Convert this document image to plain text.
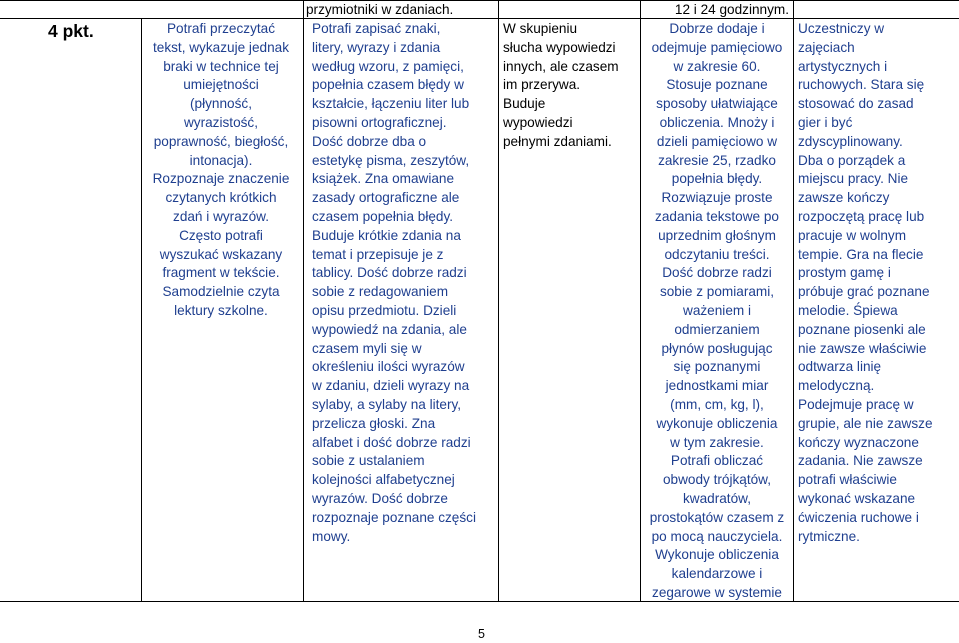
przymiotniki w zdaniach.	12 i 24 godzinnym.
4 pkt.	Potrafi przeczytać
tekst, wykazuje jednak
braki w technice tej
umiejętności
(płynność,
wyrazistość,
poprawność, biegłość,
intonacja).
Rozpoznaje znaczenie
czytanych krótkich
zdań i wyrazów.
Często potrafi
wyszukać wskazany
fragment w tekście.
Samodzielnie czyta
lektury szkolne.
Potrafi zapisać znaki,
litery, wyrazy i zdania
według wzoru, z pamięci,
popełnia czasem błędy w
kształcie, łączeniu liter lub
pisowni ortograficznej.
Dość dobrze dba o
estetykę pisma, zeszytów,
książek. Zna omawiane
zasady ortograficzne ale
czasem popełnia błędy.
Buduje krótkie zdania na
temat i przepisuje je z
tablicy. Dość dobrze radzi
sobie z redagowaniem
opisu przedmiotu. Dzieli
wypowiedź na zdania, ale
czasem myli się w
określeniu ilości wyrazów
w zdaniu, dzieli wyrazy na
sylaby, a sylaby na litery,
przelicza głoski. Zna
alfabet i dość dobrze radzi
sobie z ustalaniem
kolejności alfabetycznej
wyrazów. Dość dobrze
rozpoznaje poznane części
mowy.
W skupieniu
słucha wypowiedzi
innych, ale czasem
im przerywa.
Buduje
wypowiedzi
pełnymi zdaniami.
Dobrze dodaje i
odejmuje pamięciowo
w zakresie 60.
Stosuje poznane
sposoby ułatwiające
obliczenia. Mnoży i
dzieli pamięciowo w
zakresie 25, rzadko
popełnia błędy.
Rozwiązuje proste
zadania tekstowe po
uprzednim głośnym
odczytaniu treści.
Dość dobrze radzi
sobie z pomiarami,
ważeniem i
odmierzaniem
płynów posługując
się poznanymi
jednostkami miar
(mm, cm, kg, l),
wykonuje obliczenia
w tym zakresie.
Potrafi obliczać
obwody trójkątów,
kwadratów,
prostokątów czasem z
po mocą nauczyciela.
Wykonuje obliczenia
kalendarzowe i
zegarowe w systemie
Uczestniczy w
zajęciach
artystycznych i
ruchowych. Stara się
stosować do zasad
gier i być
zdyscyplinowany.
Dba o porządek a
miejscu pracy. Nie
zawsze kończy
rozpoczętą pracę lub
pracuje w wolnym
tempie. Gra na flecie
prostym gamę i
próbuje grać poznane
melodie. Śpiewa
poznane piosenki ale
nie zawsze właściwie
odtwarza linię
melodyczną.
Podejmuje pracę w
grupie, ale nie zawsze
kończy wyznaczone
zadania. Nie zawsze
potrafi właściwie
wykonać wskazane
ćwiczenia ruchowe i
rytmiczne.
5
